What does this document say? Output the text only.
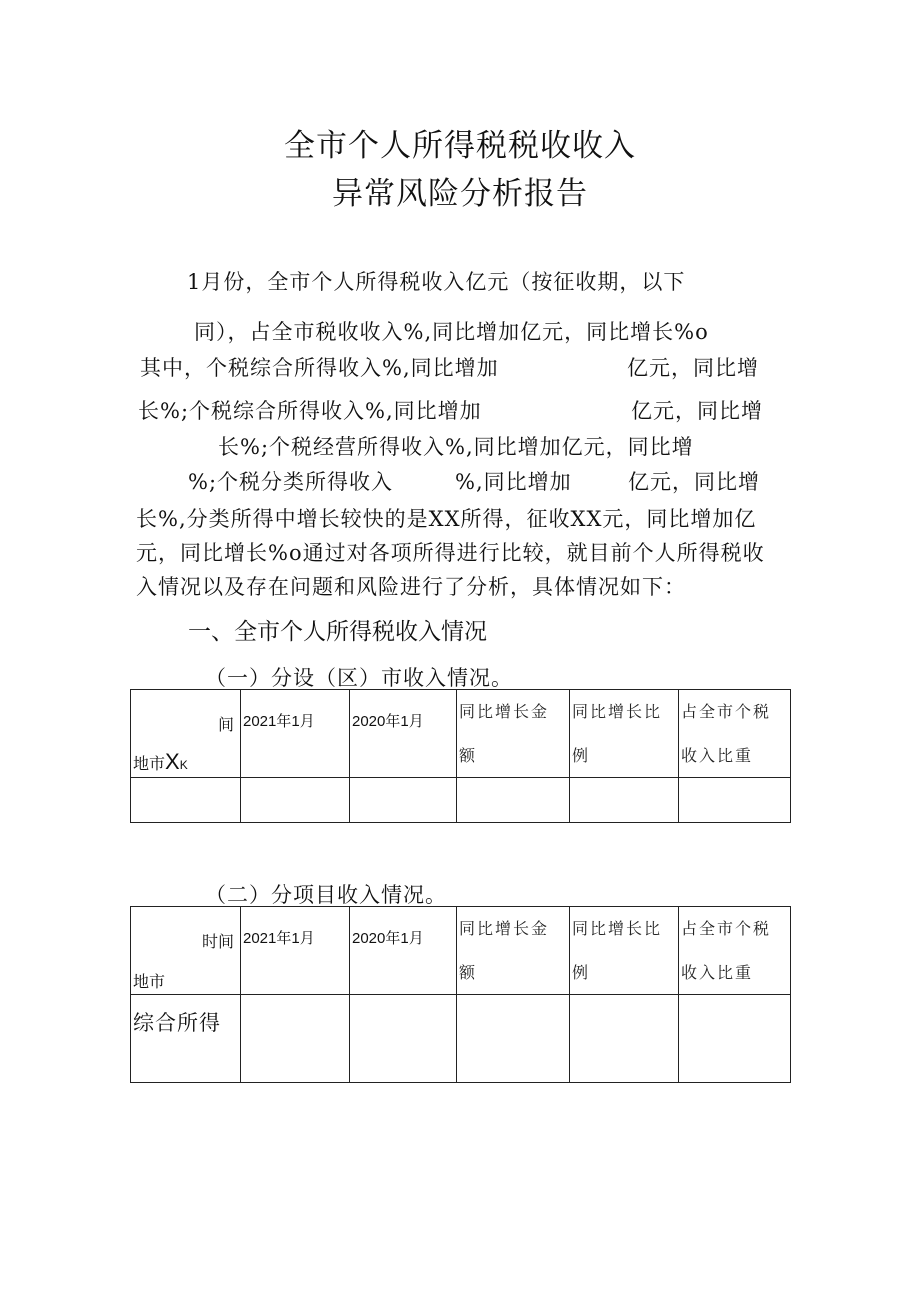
全市个人所得税税收收入
异常风险分析报告
1月份，全市个人所得税收入亿元（按征收期，以下
同），占全市税收收入%,同比增加亿元，同比增长%o
其中，个税综合所得收入%,同比增加	亿元，同比增
长%;个税综合所得收入%,同比增加	亿元，同比增
长%;个税经营所得收入%,同比增加亿元，同比增
%;个税分类所得收入	%,同比增加	亿元，同比增
长%,分类所得中增长较快的是XX所得，征收XX元，同比增加亿
元，同比增长%o通过对各项所得进行比较，就目前个人所得税收
入情况以及存在问题和风险进行了分析，具体情况如下：
一、全市个人所得税收入情况
（一）分设（区）市收入情况。
间
地市XK	2021年1月	2020年1月	同比增长金额	同比增长比例	占全市个税收入比重

（二）分项目收入情况。
时间
地市	2021年1月	2020年1月	同比增长金额	同比增长比例	占全市个税收入比重

综合所得					
